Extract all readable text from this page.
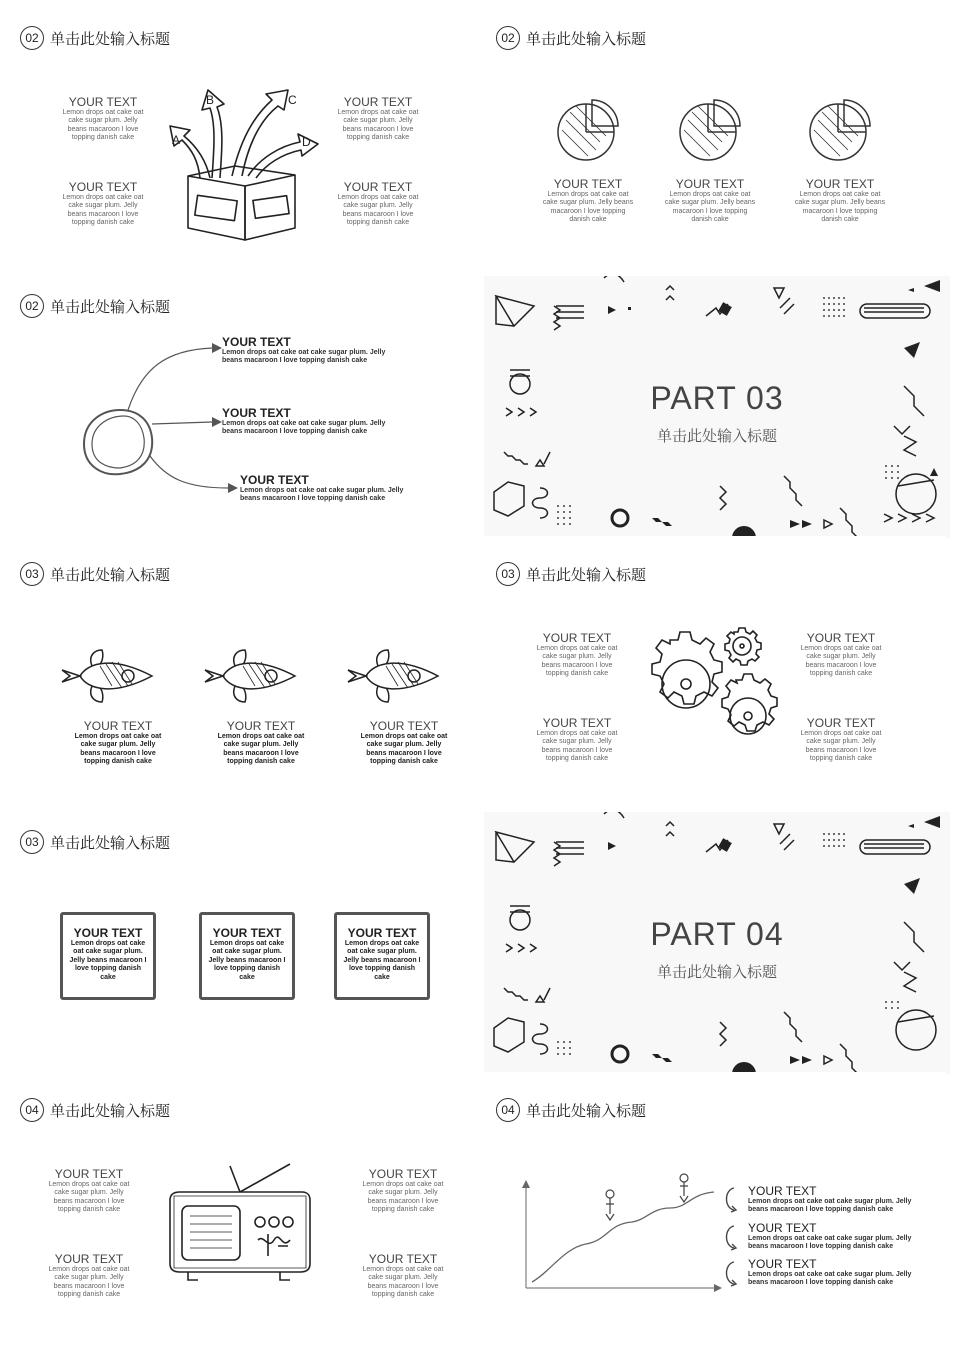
02 单击此处输入标题
YOUR TEXT
Lemon drops oat cake oat cake sugar plum. Jelly beans macaroon I love topping danish cake
YOUR TEXT
Lemon drops oat cake oat cake sugar plum. Jelly beans macaroon I love topping danish cake
YOUR TEXT
Lemon drops oat cake oat cake sugar plum. Jelly beans macaroon I love topping danish cake
YOUR TEXT
Lemon drops oat cake oat cake sugar plum. Jelly beans macaroon I love topping danish cake
A
B	C
D
02 单击此处输入标题
YOUR TEXT
Lemon drops oat cake oat cake sugar plum. Jelly beans macaroon I love topping danish cake
YOUR TEXT
Lemon drops oat cake oat cake sugar plum. Jelly beans macaroon I love topping danish cake
YOUR TEXT
Lemon drops oat cake oat cake sugar plum. Jelly beans macaroon I love topping danish cake
02 单击此处输入标题
YOUR TEXT
Lemon drops oat cake oat cake sugar plum. Jelly beans macaroon I love topping danish cake
YOUR TEXT
Lemon drops oat cake oat cake sugar plum. Jelly beans macaroon I love topping danish cake
YOUR TEXT
Lemon drops oat cake oat cake sugar plum. Jelly beans macaroon I love topping danish cake
PART 03
单击此处输入标题
03 单击此处输入标题
YOUR TEXT
Lemon drops oat cake oat cake sugar plum. Jelly beans macaroon I love topping danish cake
YOUR TEXT
Lemon drops oat cake oat cake sugar plum. Jelly beans macaroon I love topping danish cake
YOUR TEXT
Lemon drops oat cake oat cake sugar plum. Jelly beans macaroon I love topping danish cake
03 单击此处输入标题
YOUR TEXT
Lemon drops oat cake oat cake sugar plum. Jelly beans macaroon I love topping danish cake
YOUR TEXT
Lemon drops oat cake oat cake sugar plum. Jelly beans macaroon I love topping danish cake
YOUR TEXT
Lemon drops oat cake oat cake sugar plum. Jelly beans macaroon I love topping danish cake
YOUR TEXT
Lemon drops oat cake oat cake sugar plum. Jelly beans macaroon I love topping danish cake
03 单击此处输入标题
YOUR TEXT
Lemon drops oat cake oat cake sugar plum. Jelly beans macaroon I love topping danish cake
YOUR TEXT
Lemon drops oat cake oat cake sugar plum. Jelly beans macaroon I love topping danish cake
YOUR TEXT
Lemon drops oat cake oat cake sugar plum. Jelly beans macaroon I love topping danish cake
PART 04
单击此处输入标题
04 单击此处输入标题
YOUR TEXT
Lemon drops oat cake oat cake sugar plum. Jelly beans macaroon I love topping danish cake
YOUR TEXT
Lemon drops oat cake oat cake sugar plum. Jelly beans macaroon I love topping danish cake
YOUR TEXT
Lemon drops oat cake oat cake sugar plum. Jelly beans macaroon I love topping danish cake
YOUR TEXT
Lemon drops oat cake oat cake sugar plum. Jelly beans macaroon I love topping danish cake
04 单击此处输入标题
YOUR TEXT
Lemon drops oat cake oat cake sugar plum. Jelly beans macaroon I love topping danish cake
YOUR TEXT
Lemon drops oat cake oat cake sugar plum. Jelly beans macaroon I love topping danish cake
YOUR TEXT
Lemon drops oat cake oat cake sugar plum. Jelly beans macaroon I love topping danish cake
